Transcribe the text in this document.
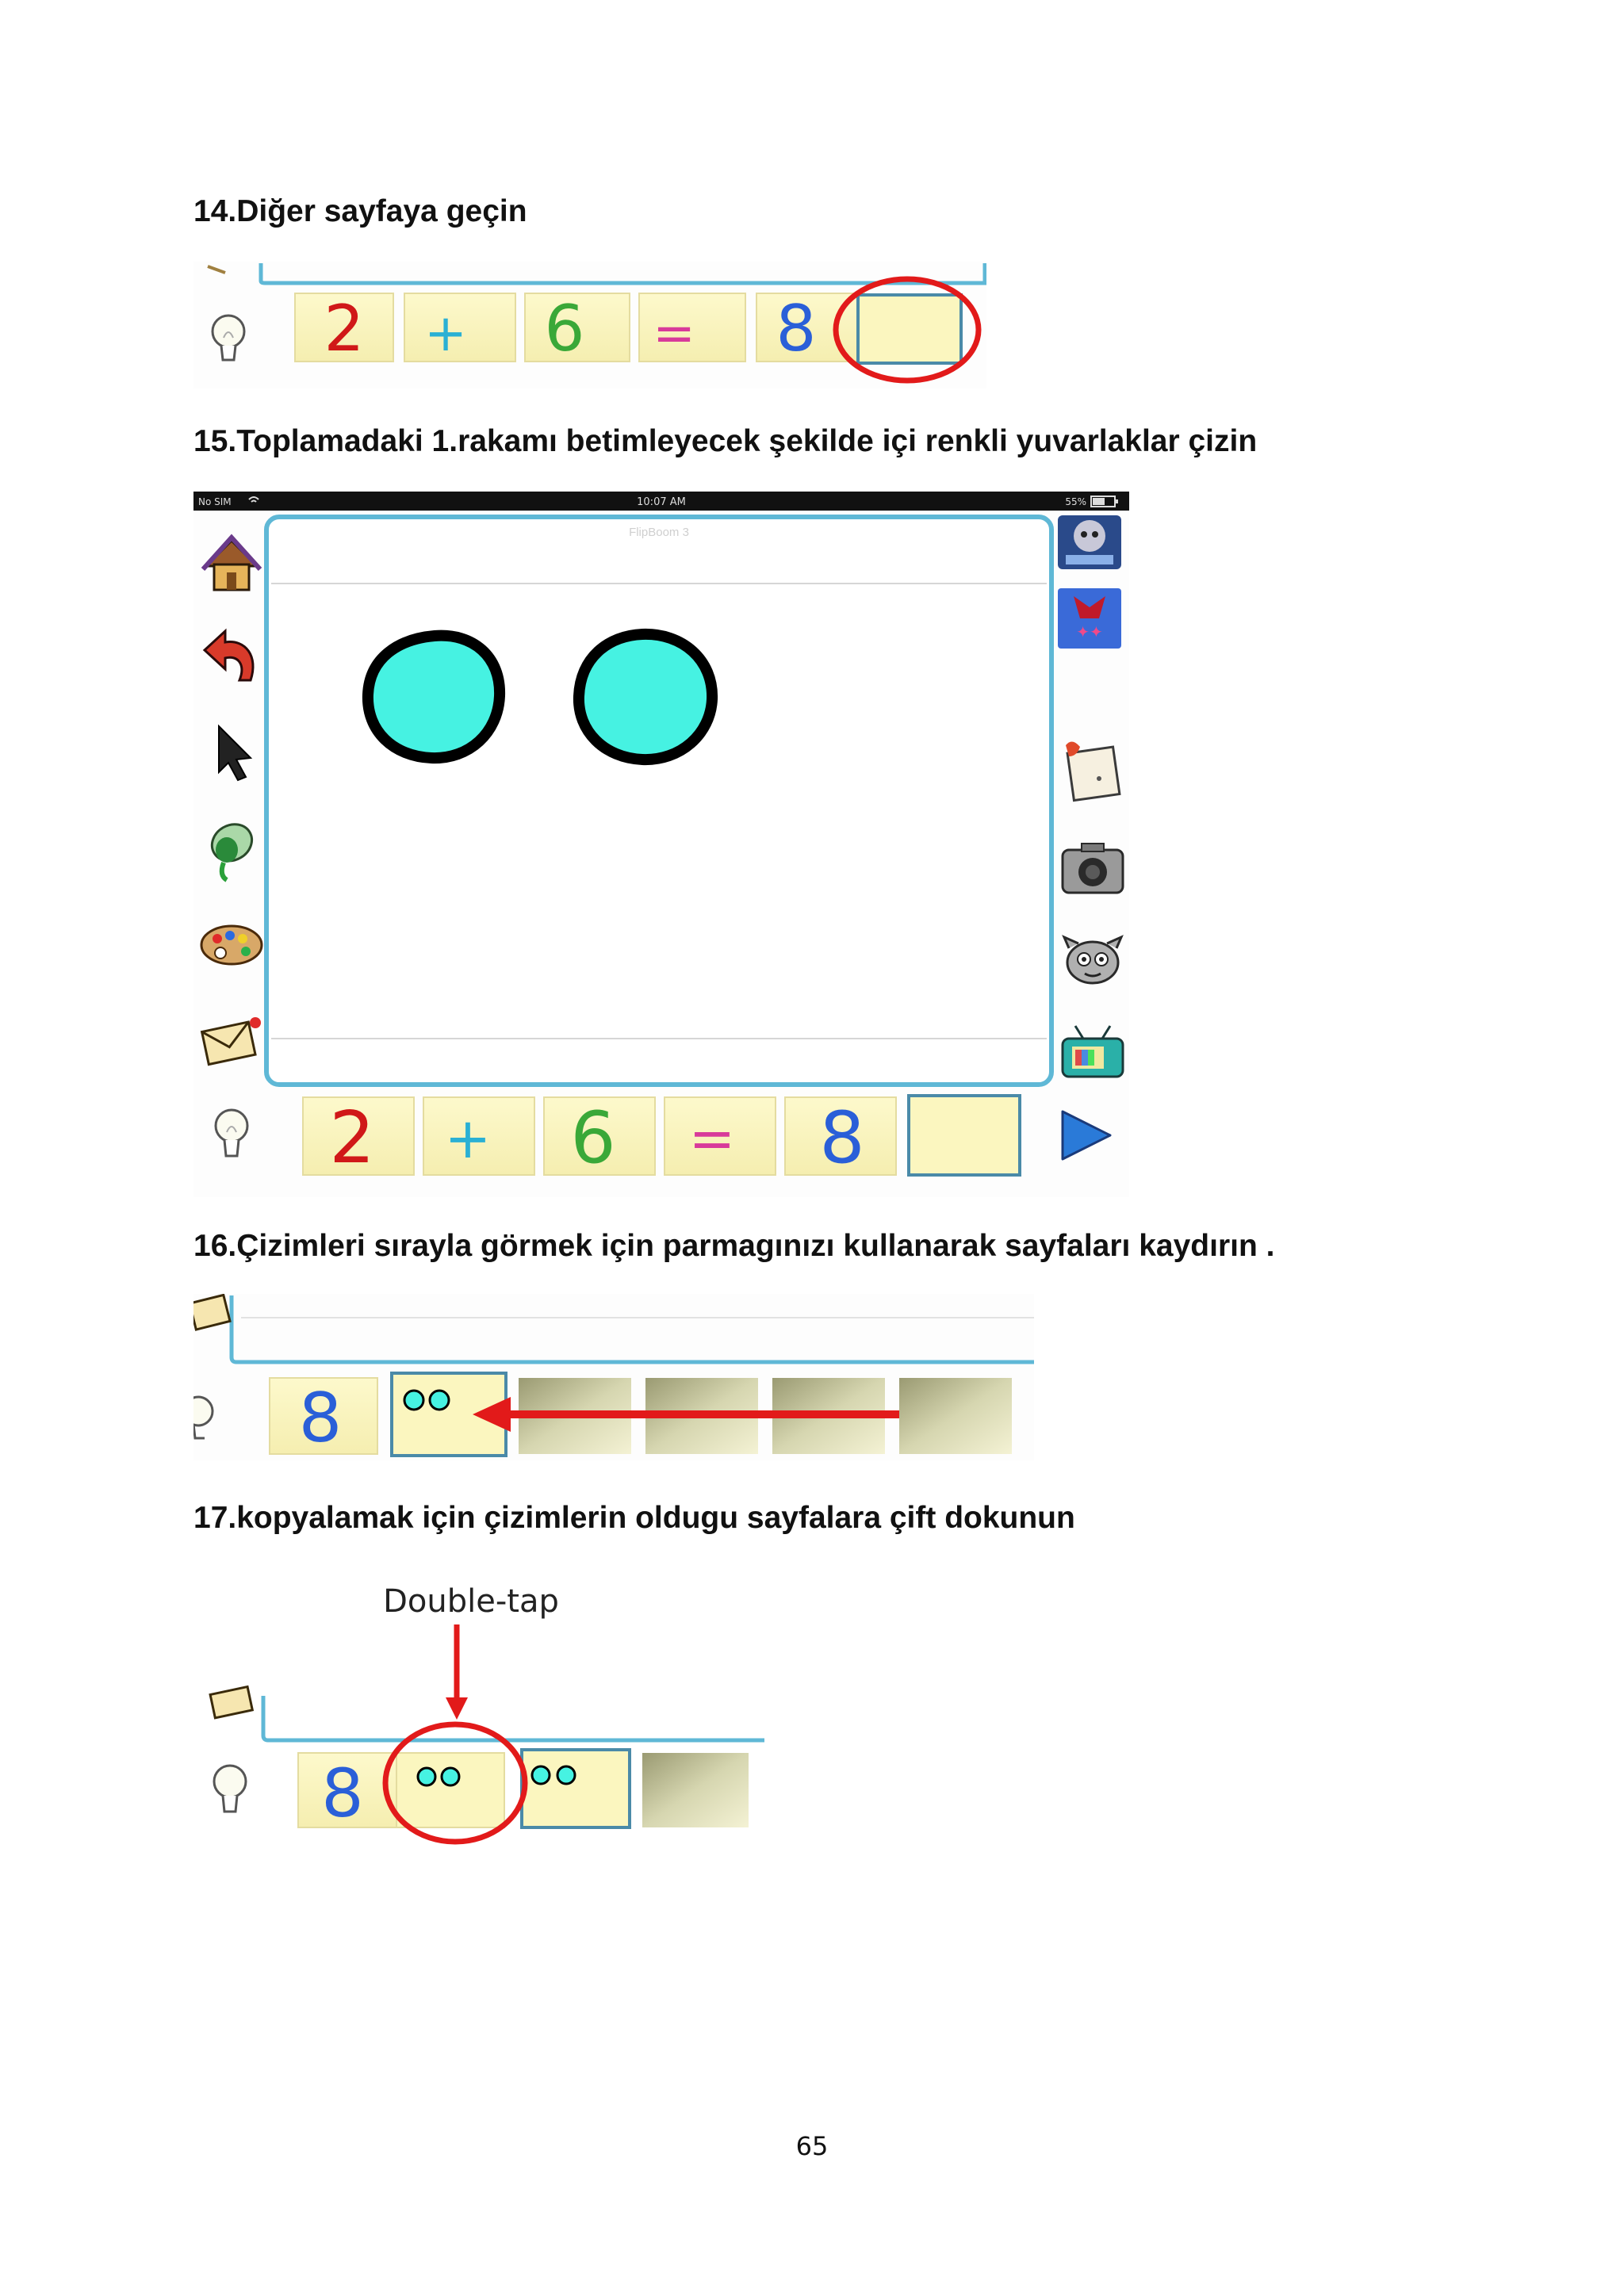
14.Diğer sayfaya geçin
15.Toplamadaki 1.rakamı betimleyecek şekilde içi renkli yuvarlaklar çizin
16.Çizimleri sırayla görmek için parmagınızı kullanarak sayfaları kaydırın .
17.kopyalamak için çizimlerin oldugu sayfalara çift dokunun
2 + 6 = 8
No SIM	10:07 AM	55%
FlipBoom 3
✦✦
2 + 6 = 8
8
Double-tap
8
65
